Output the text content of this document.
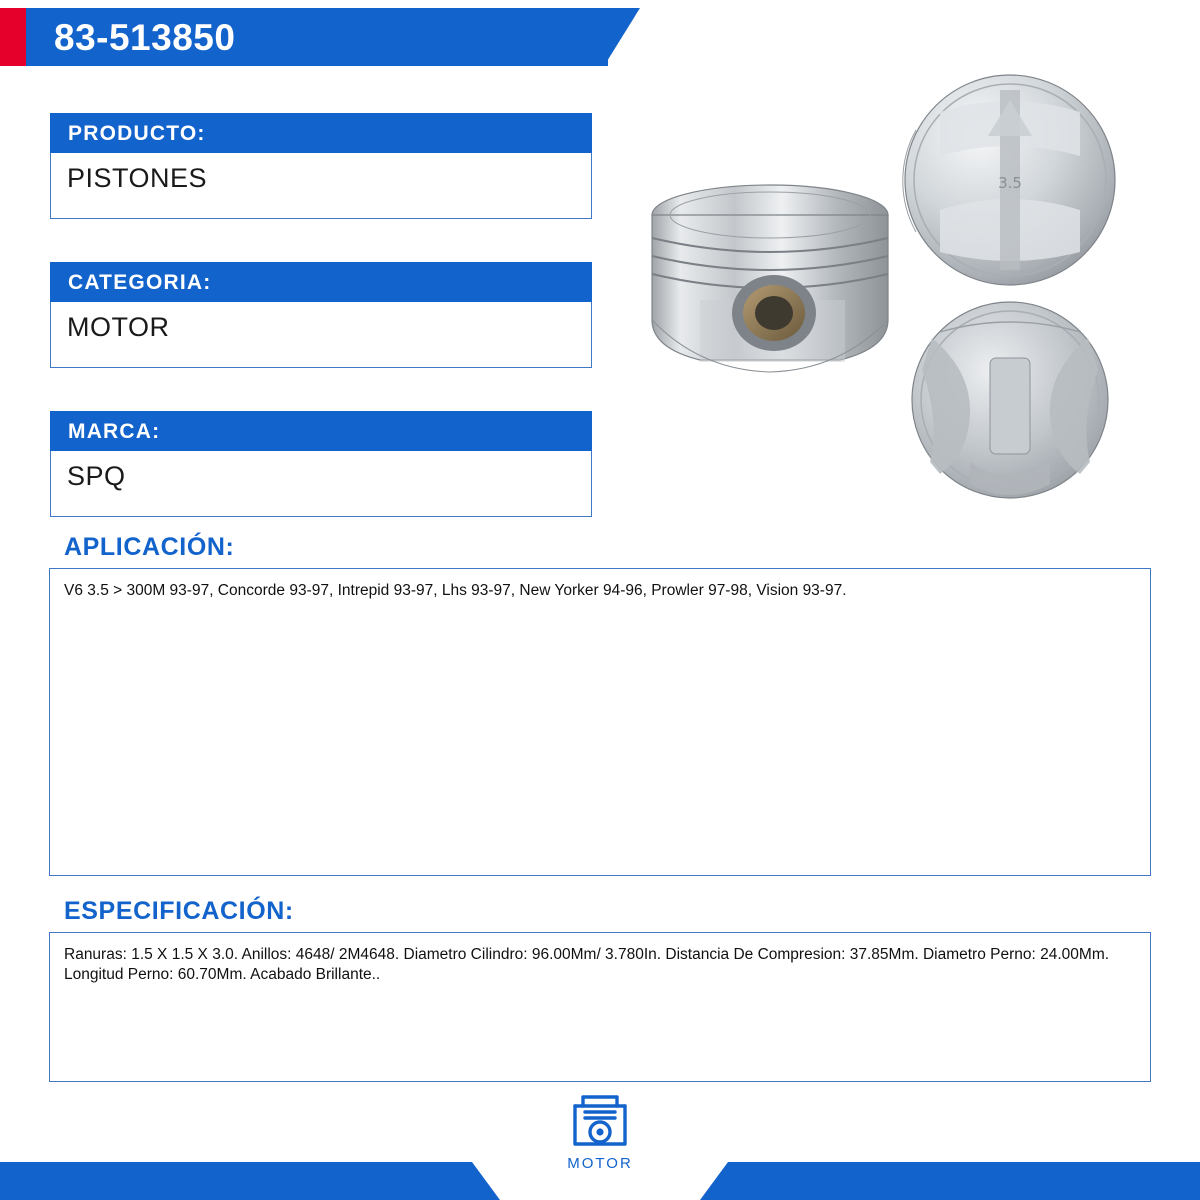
83-513850
PRODUCTO:
PISTONES
CATEGORIA:
MOTOR
MARCA:
SPQ
3.5
APLICACIÓN:
V6 3.5 > 300M 93-97, Concorde 93-97, Intrepid 93-97, Lhs 93-97, New Yorker 94-96, Prowler 97-98, Vision 93-97.
ESPECIFICACIÓN:
Ranuras: 1.5 X 1.5 X 3.0. Anillos: 4648/ 2M4648. Diametro Cilindro: 96.00Mm/ 3.780In. Distancia De Compresion: 37.85Mm. Diametro Perno: 24.00Mm. Longitud Perno: 60.70Mm. Acabado Brillante..
MOTOR
